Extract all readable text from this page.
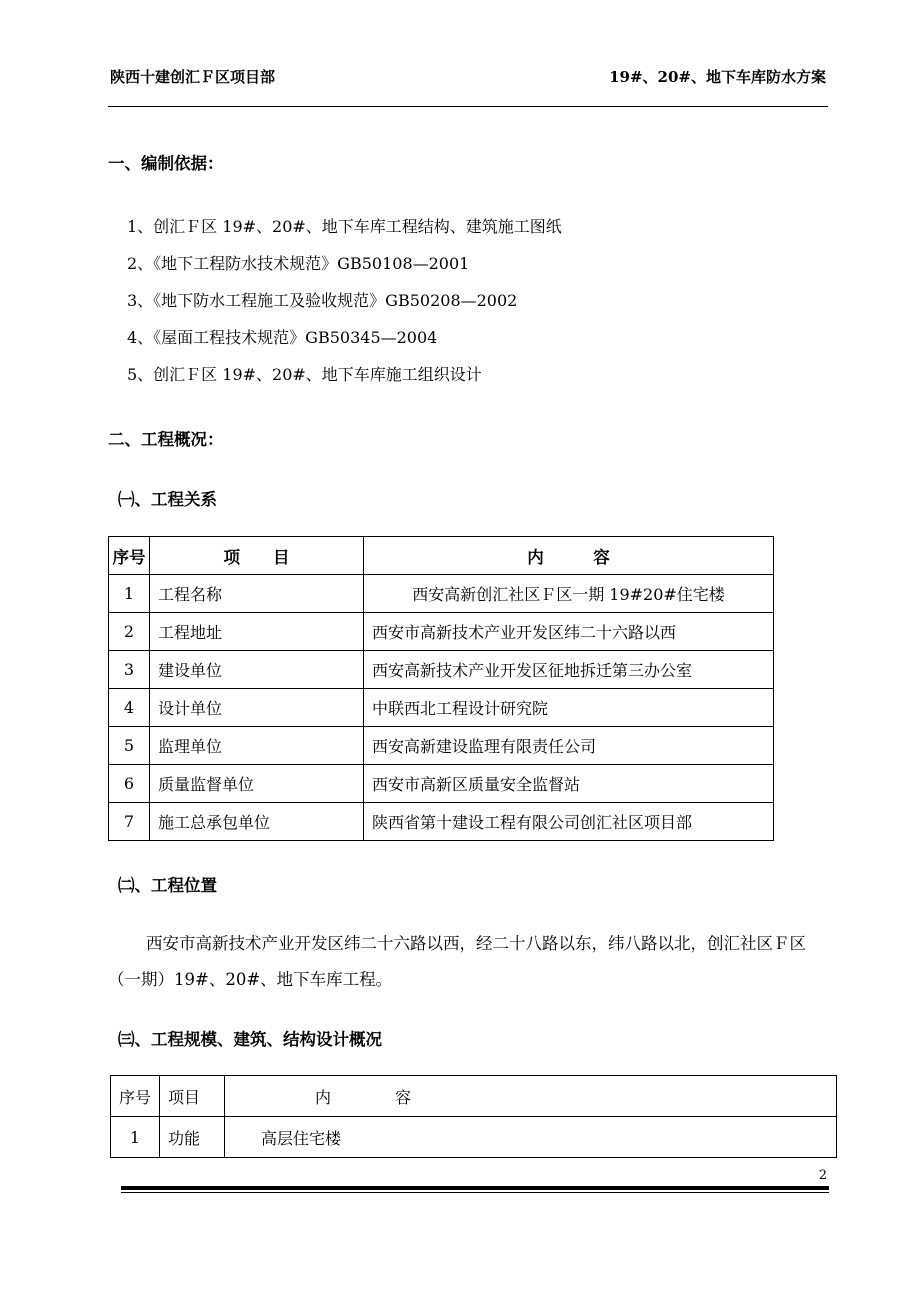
陕西十建创汇Ｆ区项目部	19#、20#、地下车库防水方案
一、编制依据：
1、创汇Ｆ区 19#、20#、地下车库工程结构、建筑施工图纸
2、《地下工程防水技术规范》GB50108—2001
3、《地下防水工程施工及验收规范》GB50208—2002
4、《屋面工程技术规范》GB50345—2004
5、创汇Ｆ区 19#、20#、地下车库施工组织设计
二、工程概况：
㈠、工程关系
序号	项　　目	内　　　容
1	工程名称	西安高新创汇社区Ｆ区一期 19#20#住宅楼
2	工程地址	西安市高新技术产业开发区纬二十六路以西
3	建设单位	西安高新技术产业开发区征地拆迁第三办公室
4	设计单位	中联西北工程设计研究院
5	监理单位	西安高新建设监理有限责任公司
6	质量监督单位	西安市高新区质量安全监督站
7	施工总承包单位	陕西省第十建设工程有限公司创汇社区项目部
㈡、工程位置
西安市高新技术产业开发区纬二十六路以西，经二十八路以东，纬八路以北，创汇社区Ｆ区（一期）19#、20#、地下车库工程。
㈢、工程规模、建筑、结构设计概况
序号	项目	内　　　　容
1	功能	高层住宅楼
2
